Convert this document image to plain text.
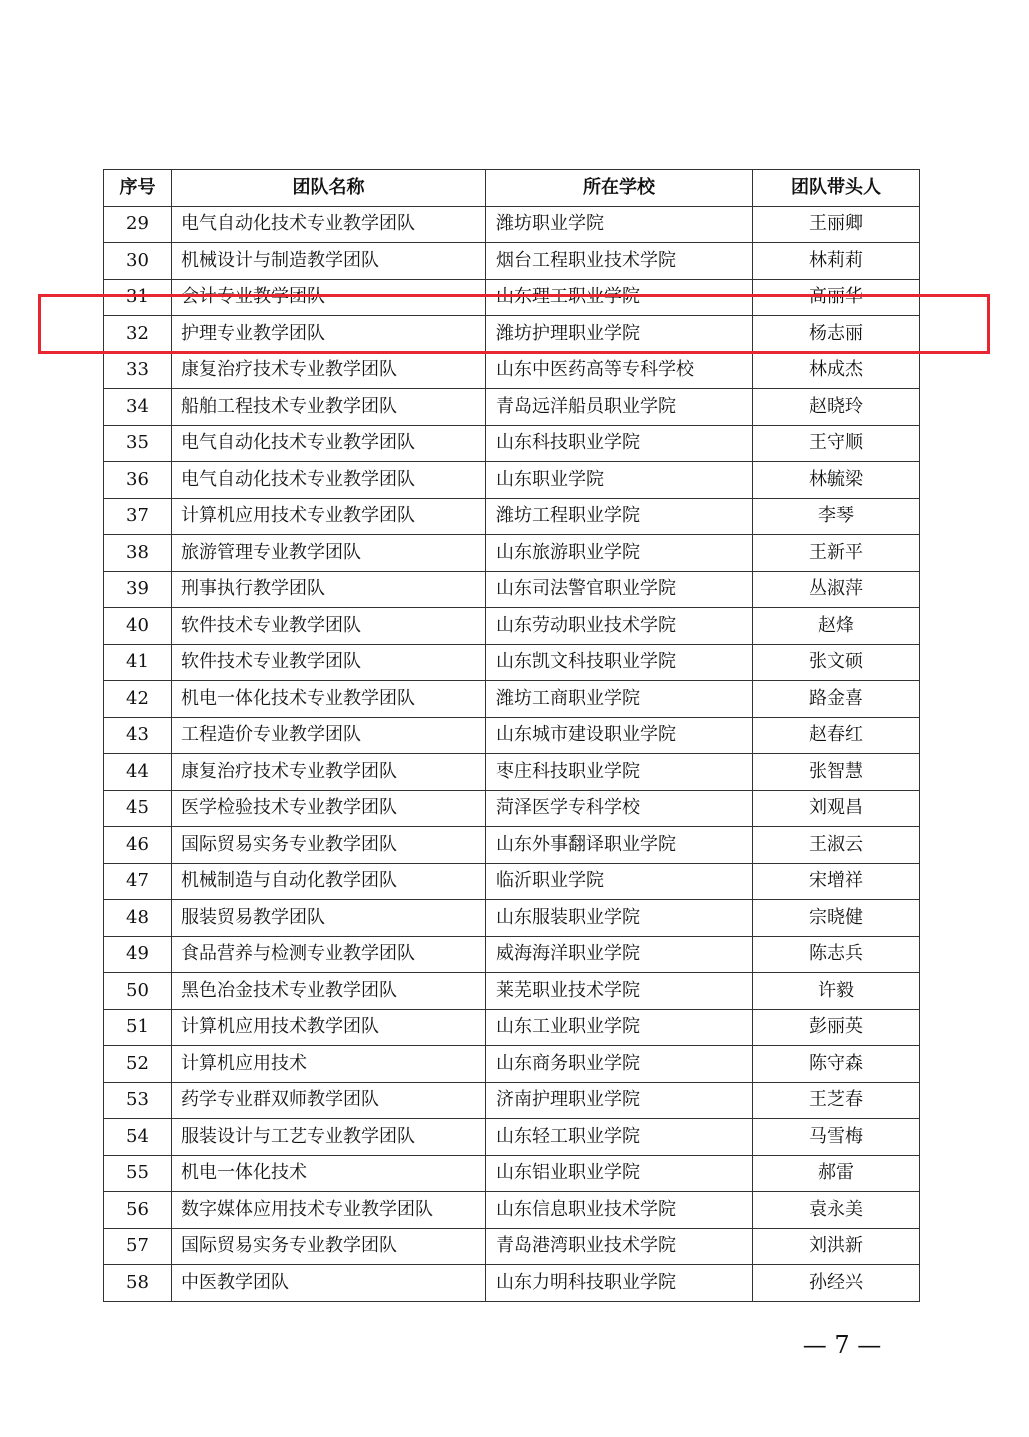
序号	团队名称	所在学校	团队带头人
29	电气自动化技术专业教学团队	潍坊职业学院	王丽卿
30	机械设计与制造教学团队	烟台工程职业技术学院	林莉莉
31	会计专业教学团队	山东理工职业学院	高丽华
32	护理专业教学团队	潍坊护理职业学院	杨志丽
33	康复治疗技术专业教学团队	山东中医药高等专科学校	林成杰
34	船舶工程技术专业教学团队	青岛远洋船员职业学院	赵晓玲
35	电气自动化技术专业教学团队	山东科技职业学院	王守顺
36	电气自动化技术专业教学团队	山东职业学院	林毓梁
37	计算机应用技术专业教学团队	潍坊工程职业学院	李琴
38	旅游管理专业教学团队	山东旅游职业学院	王新平
39	刑事执行教学团队	山东司法警官职业学院	丛淑萍
40	软件技术专业教学团队	山东劳动职业技术学院	赵烽
41	软件技术专业教学团队	山东凯文科技职业学院	张文硕
42	机电一体化技术专业教学团队	潍坊工商职业学院	路金喜
43	工程造价专业教学团队	山东城市建设职业学院	赵春红
44	康复治疗技术专业教学团队	枣庄科技职业学院	张智慧
45	医学检验技术专业教学团队	菏泽医学专科学校	刘观昌
46	国际贸易实务专业教学团队	山东外事翻译职业学院	王淑云
47	机械制造与自动化教学团队	临沂职业学院	宋增祥
48	服装贸易教学团队	山东服装职业学院	宗晓健
49	食品营养与检测专业教学团队	威海海洋职业学院	陈志兵
50	黑色冶金技术专业教学团队	莱芜职业技术学院	许毅
51	计算机应用技术教学团队	山东工业职业学院	彭丽英
52	计算机应用技术	山东商务职业学院	陈守森
53	药学专业群双师教学团队	济南护理职业学院	王芝春
54	服装设计与工艺专业教学团队	山东轻工职业学院	马雪梅
55	机电一体化技术	山东铝业职业学院	郝雷
56	数字媒体应用技术专业教学团队	山东信息职业技术学院	袁永美
57	国际贸易实务专业教学团队	青岛港湾职业技术学院	刘洪新
58	中医教学团队	山东力明科技职业学院	孙经兴
— 7 —
